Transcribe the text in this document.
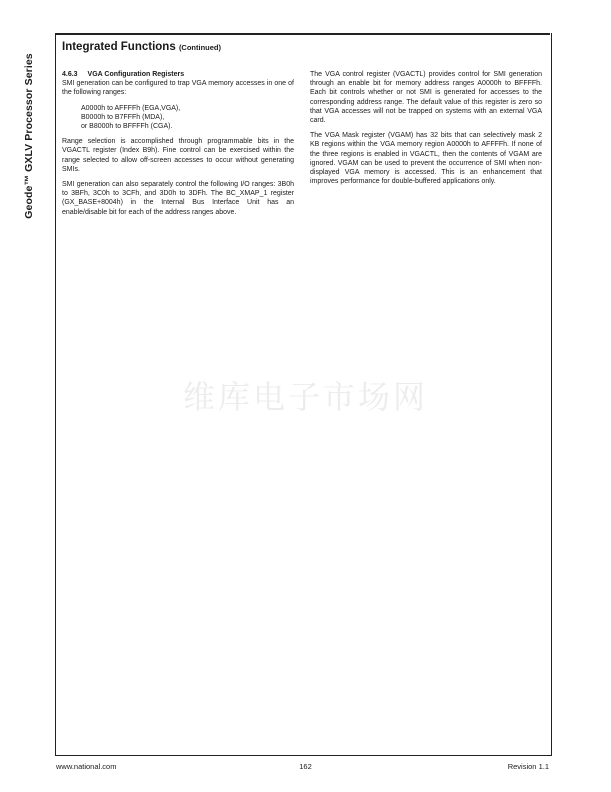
Geode™ GXLV Processor Series
Integrated Functions (Continued)
4.6.3 VGA Configuration Registers

SMI generation can be configured to trap VGA memory accesses in one of the following ranges:

A0000h to AFFFFh (EGA,VGA),
B0000h to B7FFFh (MDA),
or B8000h to BFFFFh (CGA).

Range selection is accomplished through programmable bits in the VGACTL register (Index B9h). Fine control can be exercised within the range selected to allow off-screen accesses to occur without generating SMIs.

SMI generation can also separately control the following I/O ranges: 3B0h to 3BFh, 3C0h to 3CFh, and 3D0h to 3DFh. The BC_XMAP_1 register (GX_BASE+8004h) in the Internal Bus Interface Unit has an enable/disable bit for each of the address ranges above.

The VGA control register (VGACTL) provides control for SMI generation through an enable bit for memory address ranges A0000h to BFFFFh. Each bit controls whether or not SMI is generated for accesses to the corresponding address range. The default value of this register is zero so that VGA accesses will not be trapped on systems with an external VGA card.

The VGA Mask register (VGAM) has 32 bits that can selectively mask 2 KB regions within the VGA memory region A0000h to AFFFFh. If none of the three regions is enabled in VGACTL, then the contents of VGAM are ignored. VGAM can be used to prevent the occurrence of SMI when non-displayed VGA memory is accessed. This is an enhancement that improves performance for double-buffered applications only.

维库电子市场网
www.national.com	162	Revision 1.1
